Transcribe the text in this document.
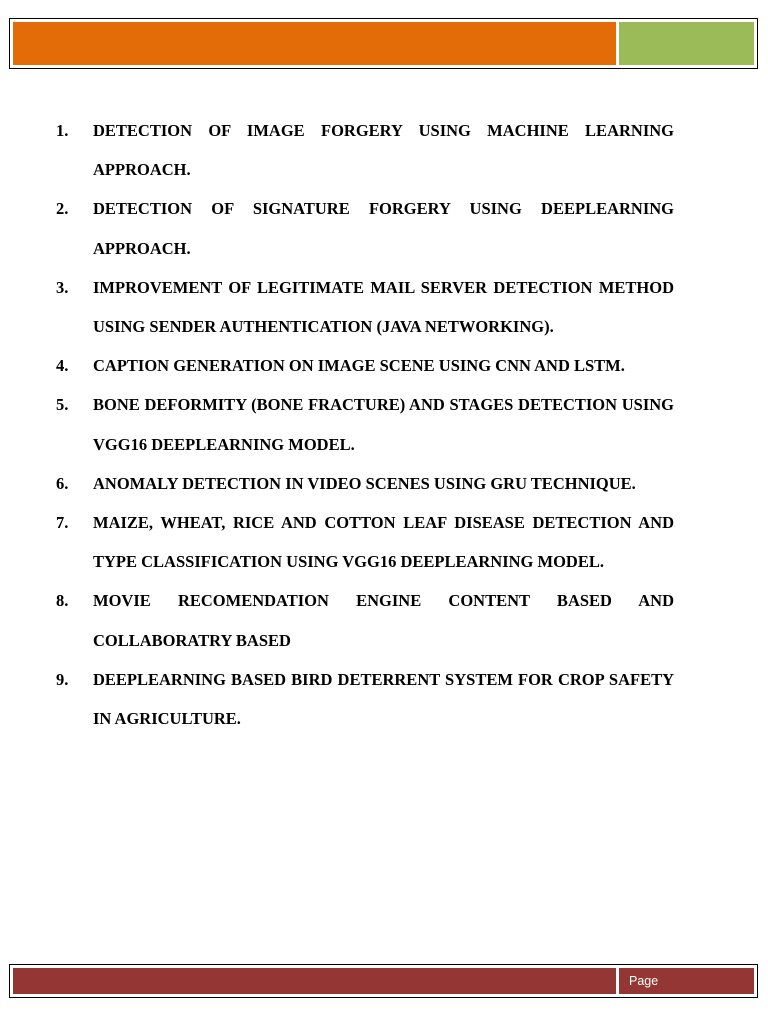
1. DETECTION OF IMAGE FORGERY USING MACHINE LEARNING APPROACH.
2. DETECTION OF SIGNATURE FORGERY USING DEEPLEARNING APPROACH.
3. IMPROVEMENT OF LEGITIMATE MAIL SERVER DETECTION METHOD USING SENDER AUTHENTICATION (JAVA NETWORKING).
4. CAPTION GENERATION ON IMAGE SCENE USING CNN AND LSTM.
5. BONE DEFORMITY (BONE FRACTURE) AND STAGES DETECTION USING VGG16 DEEPLEARNING MODEL.
6. ANOMALY DETECTION IN VIDEO SCENES USING GRU TECHNIQUE.
7. MAIZE, WHEAT, RICE AND COTTON LEAF DISEASE DETECTION AND TYPE CLASSIFICATION USING VGG16 DEEPLEARNING MODEL.
8. MOVIE RECOMENDATION ENGINE CONTENT BASED AND COLLABORATRY BASED
9. DEEPLEARNING BASED BIRD DETERRENT SYSTEM FOR CROP SAFETY IN AGRICULTURE.
Page
